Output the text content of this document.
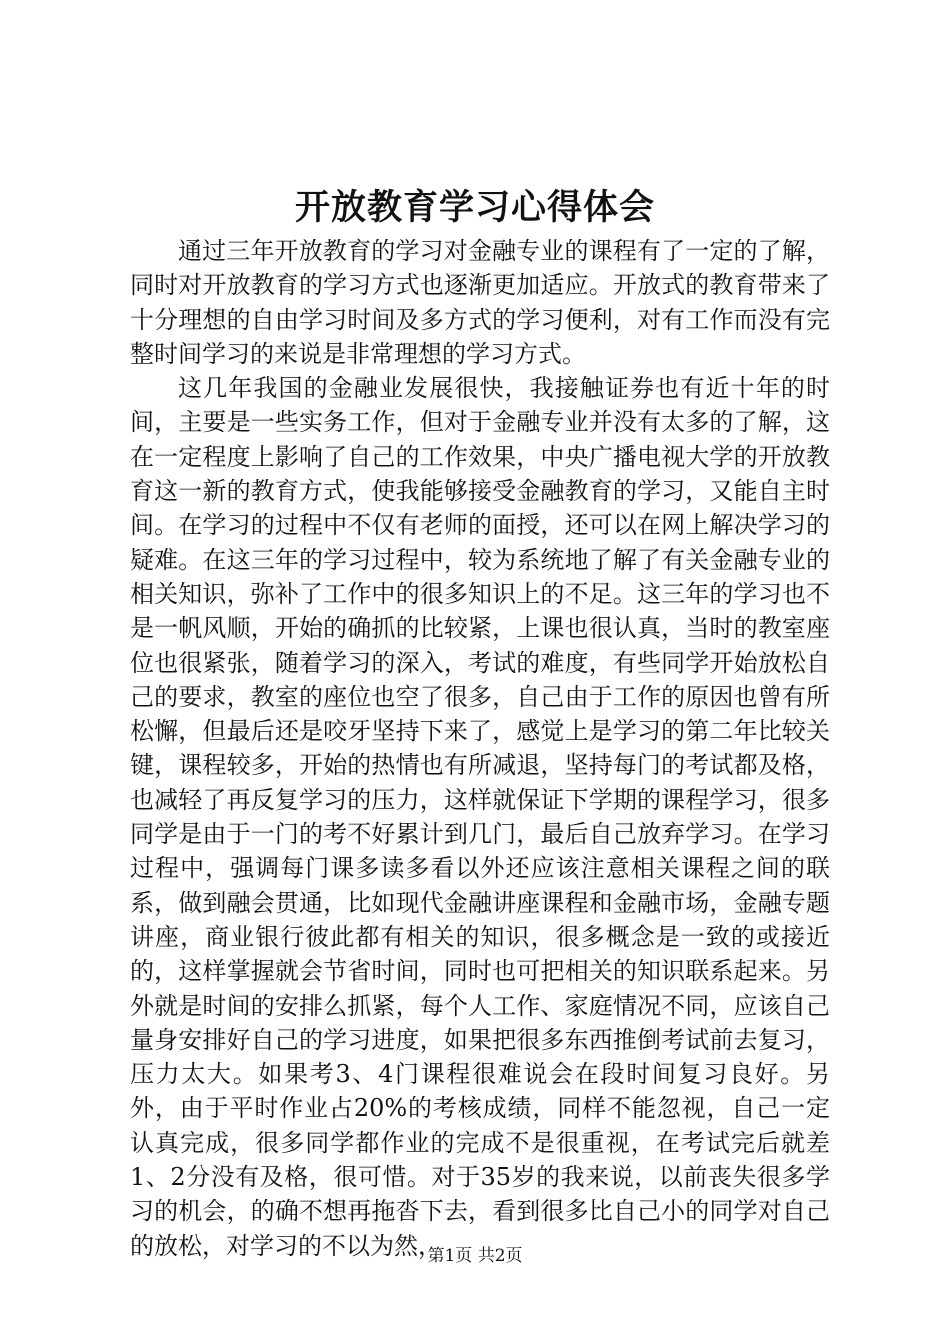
开放教育学习心得体会

通过三年开放教育的学习对金融专业的课程有了一定的了解，同时对开放教育的学习方式也逐渐更加适应。开放式的教育带来了十分理想的自由学习时间及多方式的学习便利，对有工作而没有完整时间学习的来说是非常理想的学习方式。

这几年我国的金融业发展很快，我接触证券也有近十年的时间，主要是一些实务工作，但对于金融专业并没有太多的了解，这在一定程度上影响了自己的工作效果，中央广播电视大学的开放教育这一新的教育方式，使我能够接受金融教育的学习，又能自主时间。在学习的过程中不仅有老师的面授，还可以在网上解决学习的疑难。在这三年的学习过程中，较为系统地了解了有关金融专业的相关知识，弥补了工作中的很多知识上的不足。这三年的学习也不是一帆风顺，开始的确抓的比较紧，上课也很认真，当时的教室座位也很紧张，随着学习的深入，考试的难度，有些同学开始放松自己的要求，教室的座位也空了很多，自己由于工作的原因也曾有所松懈，但最后还是咬牙坚持下来了，感觉上是学习的第二年比较关键，课程较多，开始的热情也有所减退，坚持每门的考试都及格，也减轻了再反复学习的压力，这样就保证下学期的课程学习，很多同学是由于一门的考不好累计到几门，最后自己放弃学习。在学习过程中，强调每门课多读多看以外还应该注意相关课程之间的联系，做到融会贯通，比如现代金融讲座课程和金融市场，金融专题讲座，商业银行彼此都有相关的知识，很多概念是一致的或接近的，这样掌握就会节省时间，同时也可把相关的知识联系起来。另外就是时间的安排么抓紧，每个人工作、家庭情况不同，应该自己量身安排好自己的学习进度，如果把很多东西推倒考试前去复习，压力太大。如果考3、4门课程很难说会在段时间复习良好。另外，由于平时作业占20%的考核成绩，同样不能忽视，自己一定认真完成，很多同学都作业的完成不是很重视，在考试完后就差1、2分没有及格，很可惜。对于35岁的我来说，以前丧失很多学习的机会，的确不想再拖沓下去，看到很多比自己小的同学对自己的放松，对学习的不以为然，

第1页 共2页
